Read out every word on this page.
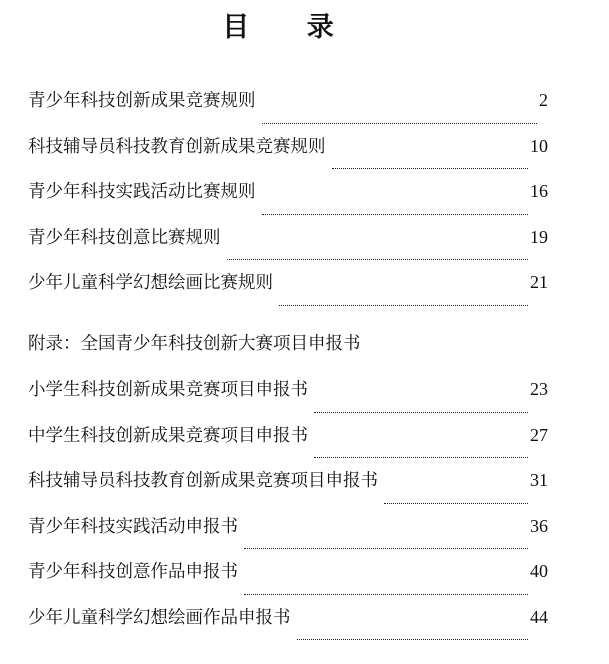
目 录
青少年科技创新成果竞赛规则	2
科技辅导员科技教育创新成果竞赛规则	10
青少年科技实践活动比赛规则	16
青少年科技创意比赛规则	19
少年儿童科学幻想绘画比赛规则	21
附录：全国青少年科技创新大赛项目申报书
小学生科技创新成果竞赛项目申报书	23
中学生科技创新成果竞赛项目申报书	27
科技辅导员科技教育创新成果竞赛项目申报书	31
青少年科技实践活动申报书	36
青少年科技创意作品申报书	40
少年儿童科学幻想绘画作品申报书	44
